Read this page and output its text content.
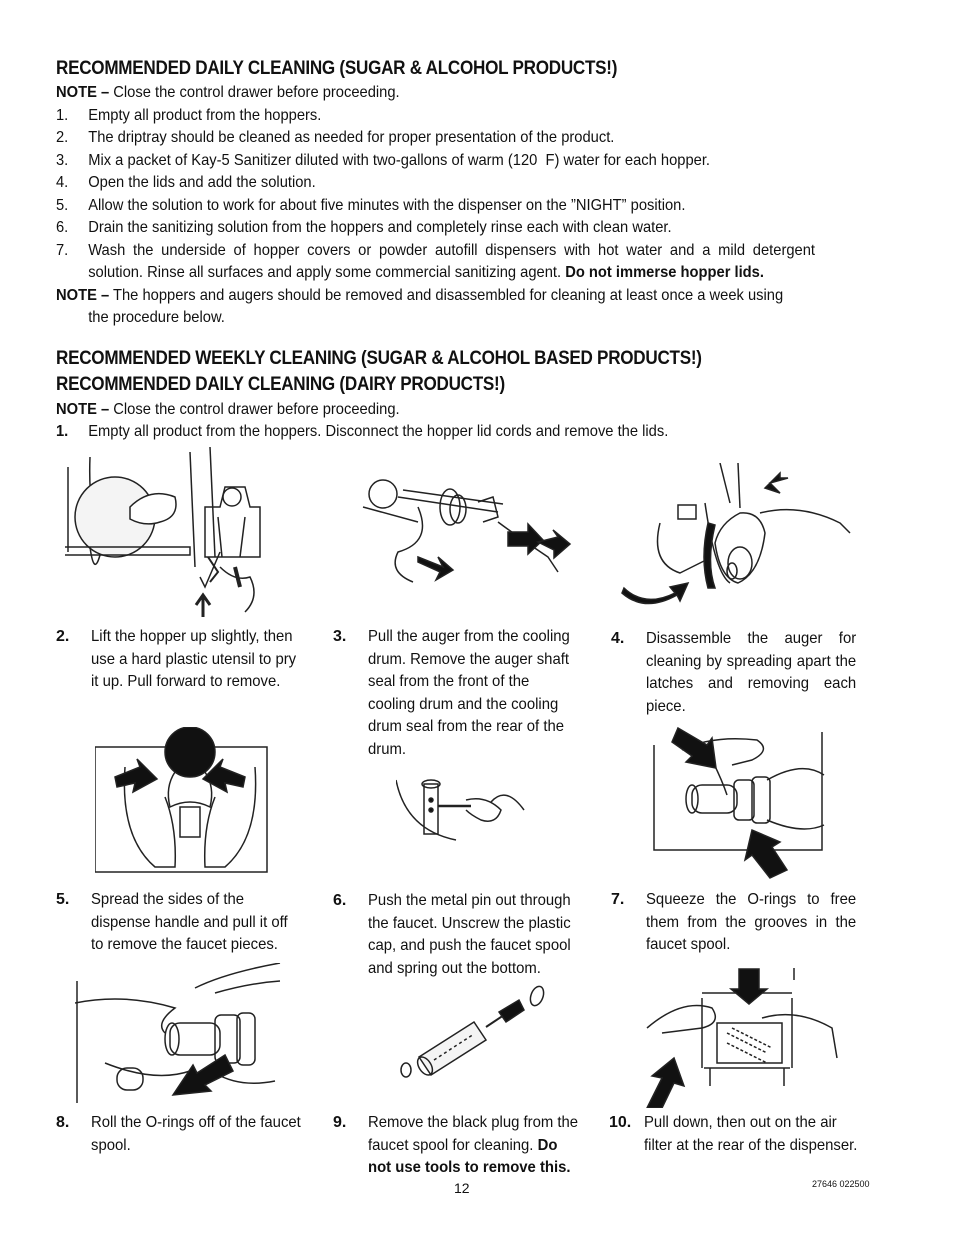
RECOMMENDED DAILY CLEANING (SUGAR & ALCOHOL PRODUCTS!)
NOTE – Close the control drawer before proceeding.
1. Empty all product from the hoppers.
2. The driptray should be cleaned as needed for proper presentation of the product.
3. Mix a packet of Kay-5 Sanitizer diluted with two-gallons of warm (120  F) water for each hopper.
4. Open the lids and add the solution.
5. Allow the solution to work for about five minutes with the dispenser on the ”NIGHT” position.
6. Drain the sanitizing solution from the hoppers and completely rinse each with clean water.
7. Wash the underside of hopper covers or powder autofill dispensers with hot water and a mild detergent
solution. Rinse all surfaces and apply some commercial sanitizing agent. Do not immerse hopper lids.
NOTE – The hoppers and augers should be removed and disassembled for cleaning at least once a week using
the procedure below.
RECOMMENDED WEEKLY CLEANING (SUGAR & ALCOHOL BASED PRODUCTS!)
RECOMMENDED DAILY CLEANING (DAIRY PRODUCTS!)
NOTE – Close the control drawer before proceeding.
1. Empty all product from the hoppers. Disconnect the hopper lid cords and remove the lids.
2. Lift the hopper up slightly, then use a hard plastic utensil to pry it up. Pull forward to remove.
3. Pull the auger from the cooling drum. Remove the auger shaft seal from the front of the cooling drum and the cooling drum seal from the rear of the drum.
4. Disassemble the auger for cleaning by spreading apart the latches and removing each piece.
5. Spread the sides of the dispense handle and pull it off to remove the faucet pieces.
6. Push the metal pin out through the faucet. Unscrew the plastic cap, and push the faucet spool and spring out the bottom.
7. Squeeze the O-rings to free them from the grooves in the faucet spool.
8. Roll the O-rings off of the faucet spool.
9. Remove the black plug from the faucet spool for cleaning. Do not use tools to remove this.
10. Pull down, then out on the air filter at the rear of the dispenser.
12	27646 022500
